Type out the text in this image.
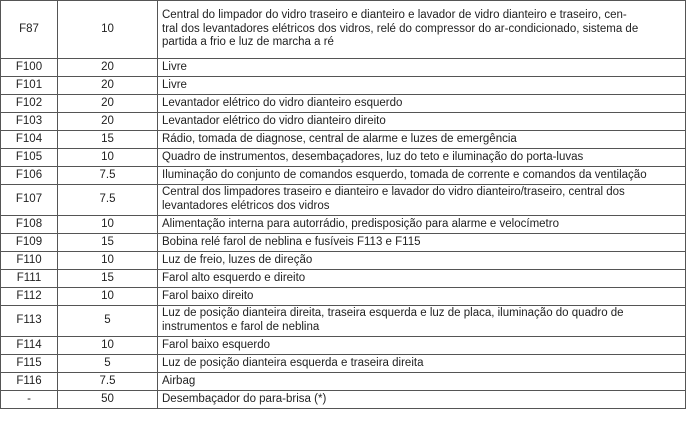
F87	10	Central do limpador do vidro traseiro e dianteiro e lavador de vidro dianteiro e traseiro, cen-
tral dos levantadores elétricos dos vidros, relé do compressor do ar-condicionado, sistema de
partida a frio e luz de marcha a ré

F100	20	Livre

F101	20	Livre

F102	20	Levantador elétrico do vidro dianteiro esquerdo

F103	20	Levantador elétrico do vidro dianteiro direito

F104	15	Rádio, tomada de diagnose, central de alarme e luzes de emergência

F105	10	Quadro de instrumentos, desembaçadores, luz do teto e iluminação do porta-luvas

F106	7.5	Iluminação do conjunto de comandos esquerdo, tomada de corrente e comandos da ventilação

F107	7.5	Central dos limpadores traseiro e dianteiro e lavador do vidro dianteiro/traseiro, central dos
levantadores elétricos dos vidros

F108	10	Alimentação interna para autorrádio, predisposição para alarme e velocímetro

F109	15	Bobina relé farol de neblina e fusíveis F113 e F115

F110	10	Luz de freio, luzes de direção

F111	15	Farol alto esquerdo e direito

F112	10	Farol baixo direito

F113	5	Luz de posição dianteira direita, traseira esquerda e luz de placa, iluminação do quadro de
instrumentos e farol de neblina

F114	10	Farol baixo esquerdo

F115	5	Luz de posição dianteira esquerda e traseira direita

F116	7.5	Airbag

-	50	Desembaçador do para-brisa (*)
